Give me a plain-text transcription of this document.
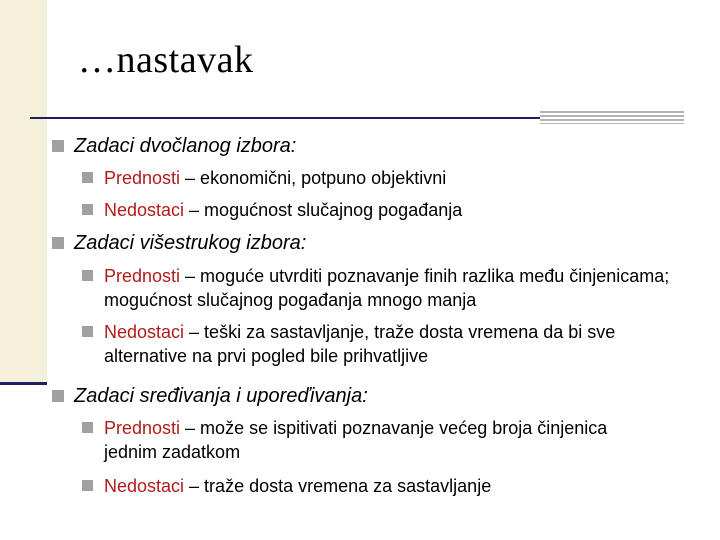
…nastavak
Zadaci dvočlanog izbora:
Prednosti – ekonomični, potpuno objektivni
Nedostaci – mogućnost slučajnog pogađanja
Zadaci višestrukog izbora:
Prednosti – moguće utvrditi poznavanje finih razlika među činjenicama; mogućnost slučajnog pogađanja mnogo manja
Nedostaci – teški za sastavljanje, traže dosta vremena da bi sve alternative na prvi pogled bile prihvatljive
Zadaci sređivanja i uporeďivanja:
Prednosti – može se ispitivati poznavanje većeg broja činjenica jednim zadatkom
Nedostaci – traže dosta vremena za sastavljanje
